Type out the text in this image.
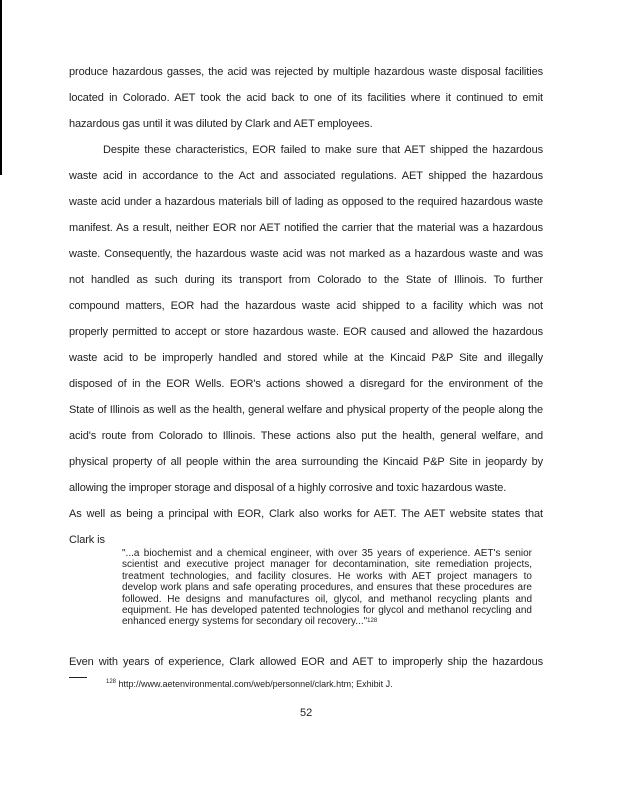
produce hazardous gasses, the acid was rejected by multiple hazardous waste disposal facilities
located in Colorado. AET took the acid back to one of its facilities where it continued to emit
hazardous gas until it was diluted by Clark and AET employees.
Despite these characteristics, EOR failed to make sure that AET shipped the hazardous
waste acid in accordance to the Act and associated regulations. AET shipped the hazardous
waste acid under a hazardous materials bill of lading as opposed to the required hazardous waste
manifest. As a result, neither EOR nor AET notified the carrier that the material was a hazardous
waste. Consequently, the hazardous waste acid was not marked as a hazardous waste and was
not handled as such during its transport from Colorado to the State of Illinois. To further
compound matters, EOR had the hazardous waste acid shipped to a facility which was not
properly permitted to accept or store hazardous waste. EOR caused and allowed the hazardous
waste acid to be improperly handled and stored while at the Kincaid P&P Site and illegally
disposed of in the EOR Wells. EOR's actions showed a disregard for the environment of the
State of Illinois as well as the health, general welfare and physical property of the people along the
acid's route from Colorado to Illinois. These actions also put the health, general welfare, and
physical property of all people within the area surrounding the Kincaid P&P Site in jeopardy by
allowing the improper storage and disposal of a highly corrosive and toxic hazardous waste.
As well as being a principal with EOR, Clark also works for AET. The AET website states that
Clark is
"...a biochemist and a chemical engineer, with over 35 years of experience. AET's senior scientist and executive project manager for decontamination, site remediation projects, treatment technologies, and facility closures. He works with AET project managers to develop work plans and safe operating procedures, and ensures that these procedures are followed. He designs and manufactures oil, glycol, and methanol recycling plants and equipment. He has developed patented technologies for glycol and methanol recycling and enhanced energy systems for secondary oil recovery..."$^{128}$
Even with years of experience, Clark allowed EOR and AET to improperly ship the hazardous
$^{128}$ http://www.aetenvironmental.com/web/personnel/clark.htm; Exhibit J.
52
